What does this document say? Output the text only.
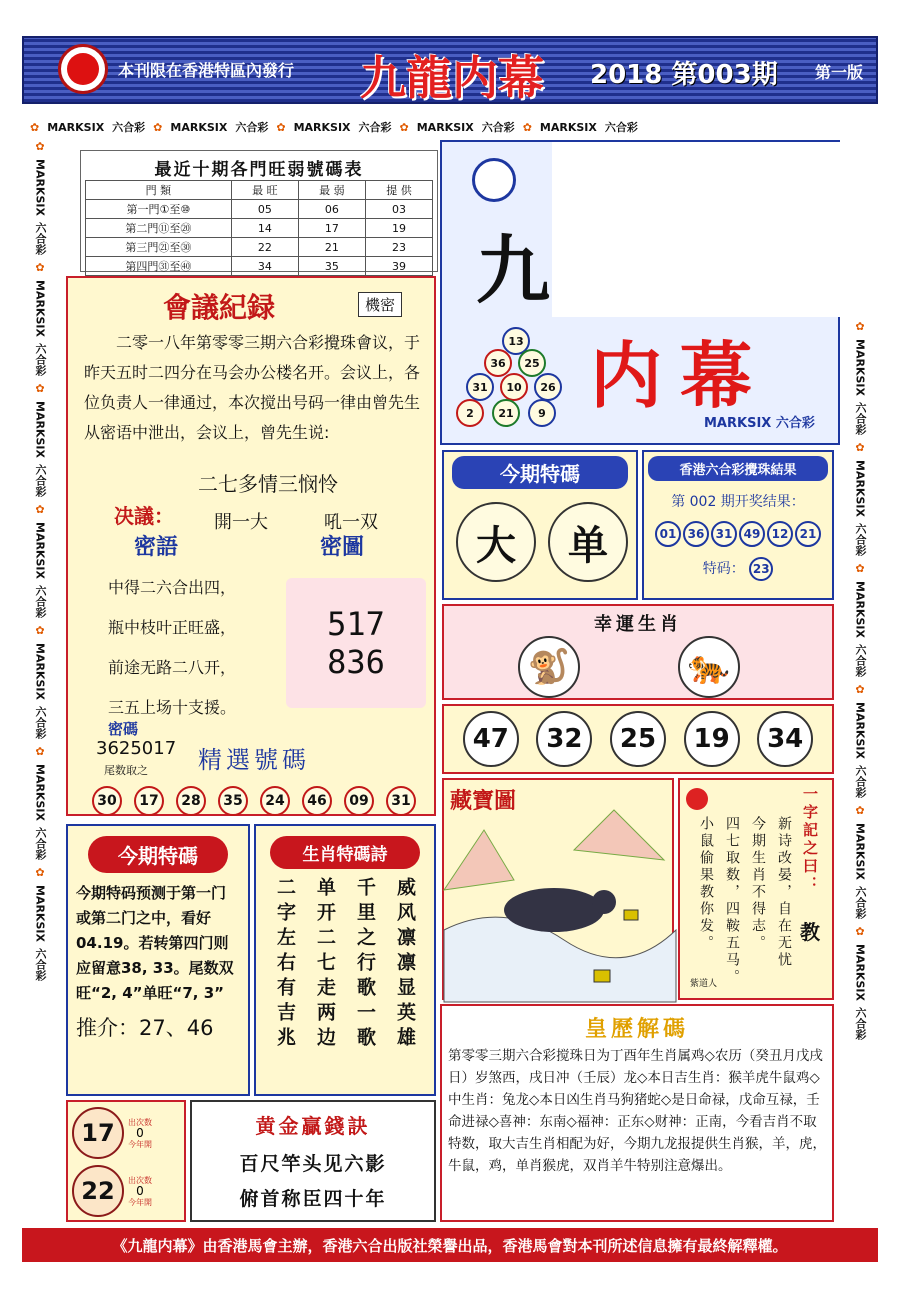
本刊限在香港特區內發行 九龍内幕 2018 第003期 第一版
✿ MARKSIX 六合彩 ✿ MARKSIX 六合彩 ✿ MARKSIX 六合彩 ✿ MARKSIX 六合彩 ✿ MARKSIX 六合彩
✿
MARKSIX
六合彩
✿
MARKSIX
六合彩
✿
MARKSIX
六合彩
✿
MARKSIX
六合彩
✿
MARKSIX
六合彩
✿
MARKSIX
六合彩
✿
MARKSIX
六合彩
✿
MARKSIX
六合彩
✿
MARKSIX
六合彩
✿
MARKSIX
六合彩
✿
MARKSIX
六合彩
✿
MARKSIX
六合彩
✿
MARKSIX
六合彩
最近十期各門旺弱號碼表
門 類	最 旺	最 弱	提 供
第一門①至⑩	05	06	03
第二門⑪至⑳	14	17	19
第三門㉑至㉚	22	21	23
第四門㉛至㊵	34	35	39

會議紀録	機密
二零一八年第零零三期六合彩攪珠會议，于昨天五时二四分在马会办公楼名开。会议上，各位负责人一律通过，本次搅出号码一律由曾先生从密语中泄出，会议上，曾先生说:
二七多情三悯怜
决議： 開一大	吼一双
密語	密圖
中得二六合出四，
瓶中枝叶正旺盛，
前途无路二八开，
三五上场十支援。
517 836
密碼
3625017
尾数取之 精選號碼
30	17	28	35	24	46	09	31
九
内幕
MARKSIX 六合彩
13
36	25
31	10	26
2	21	9
今期特碼
大	单
香港六合彩攪珠結果
第 002 期开奖结果：
01 36 31 49 12 21
特码： 23
幸運生肖
🐒	🐅
47	32	25	19	34
藏寶圖	一字記之曰：
教
新诗改晏，自在无忧
今期生肖不得志。
四七取数，四鞍五马。
小鼠偷果教你发。
紫道人
今期特碼
今期特码预测于第一门或第二门之中，看好04.19。若转第四门则应留意38, 33。尾数双旺“2, 4”单旺“7, 3”
推介：27、46
生肖特碼詩
二字左右有吉兆 单开二七走两边 千里之行歌一歌 威风凛凛显英雄
17	出次数
0
今年開
22	出次数
0
今年開
黄金贏錢訣
百尺竿头见六影
俯首称臣四十年
皇歷解碼
第零零三期六合彩搅珠日为丁酉年生肖属鸡◇农历（癸丑月戊戌日）岁煞西，戌日冲（壬辰）龙◇本日吉生肖：猴羊虎牛鼠鸡◇中生肖：兔龙◇本日凶生肖马狗猪蛇◇是日命禄，戊命互禄，壬命进禄◇喜神：东南◇福神：正东◇财神：正南，今看吉肖不取特数，取大吉生肖相配为好，今期九龙报提供生肖猴，羊，虎，牛鼠，鸡，单肖猴虎，双肖羊牛特别注意爆出。
《九龍内幕》由香港馬會主辦，香港六合出版社榮譽出品，香港馬會對本刊所述信息擁有最終解釋權。
